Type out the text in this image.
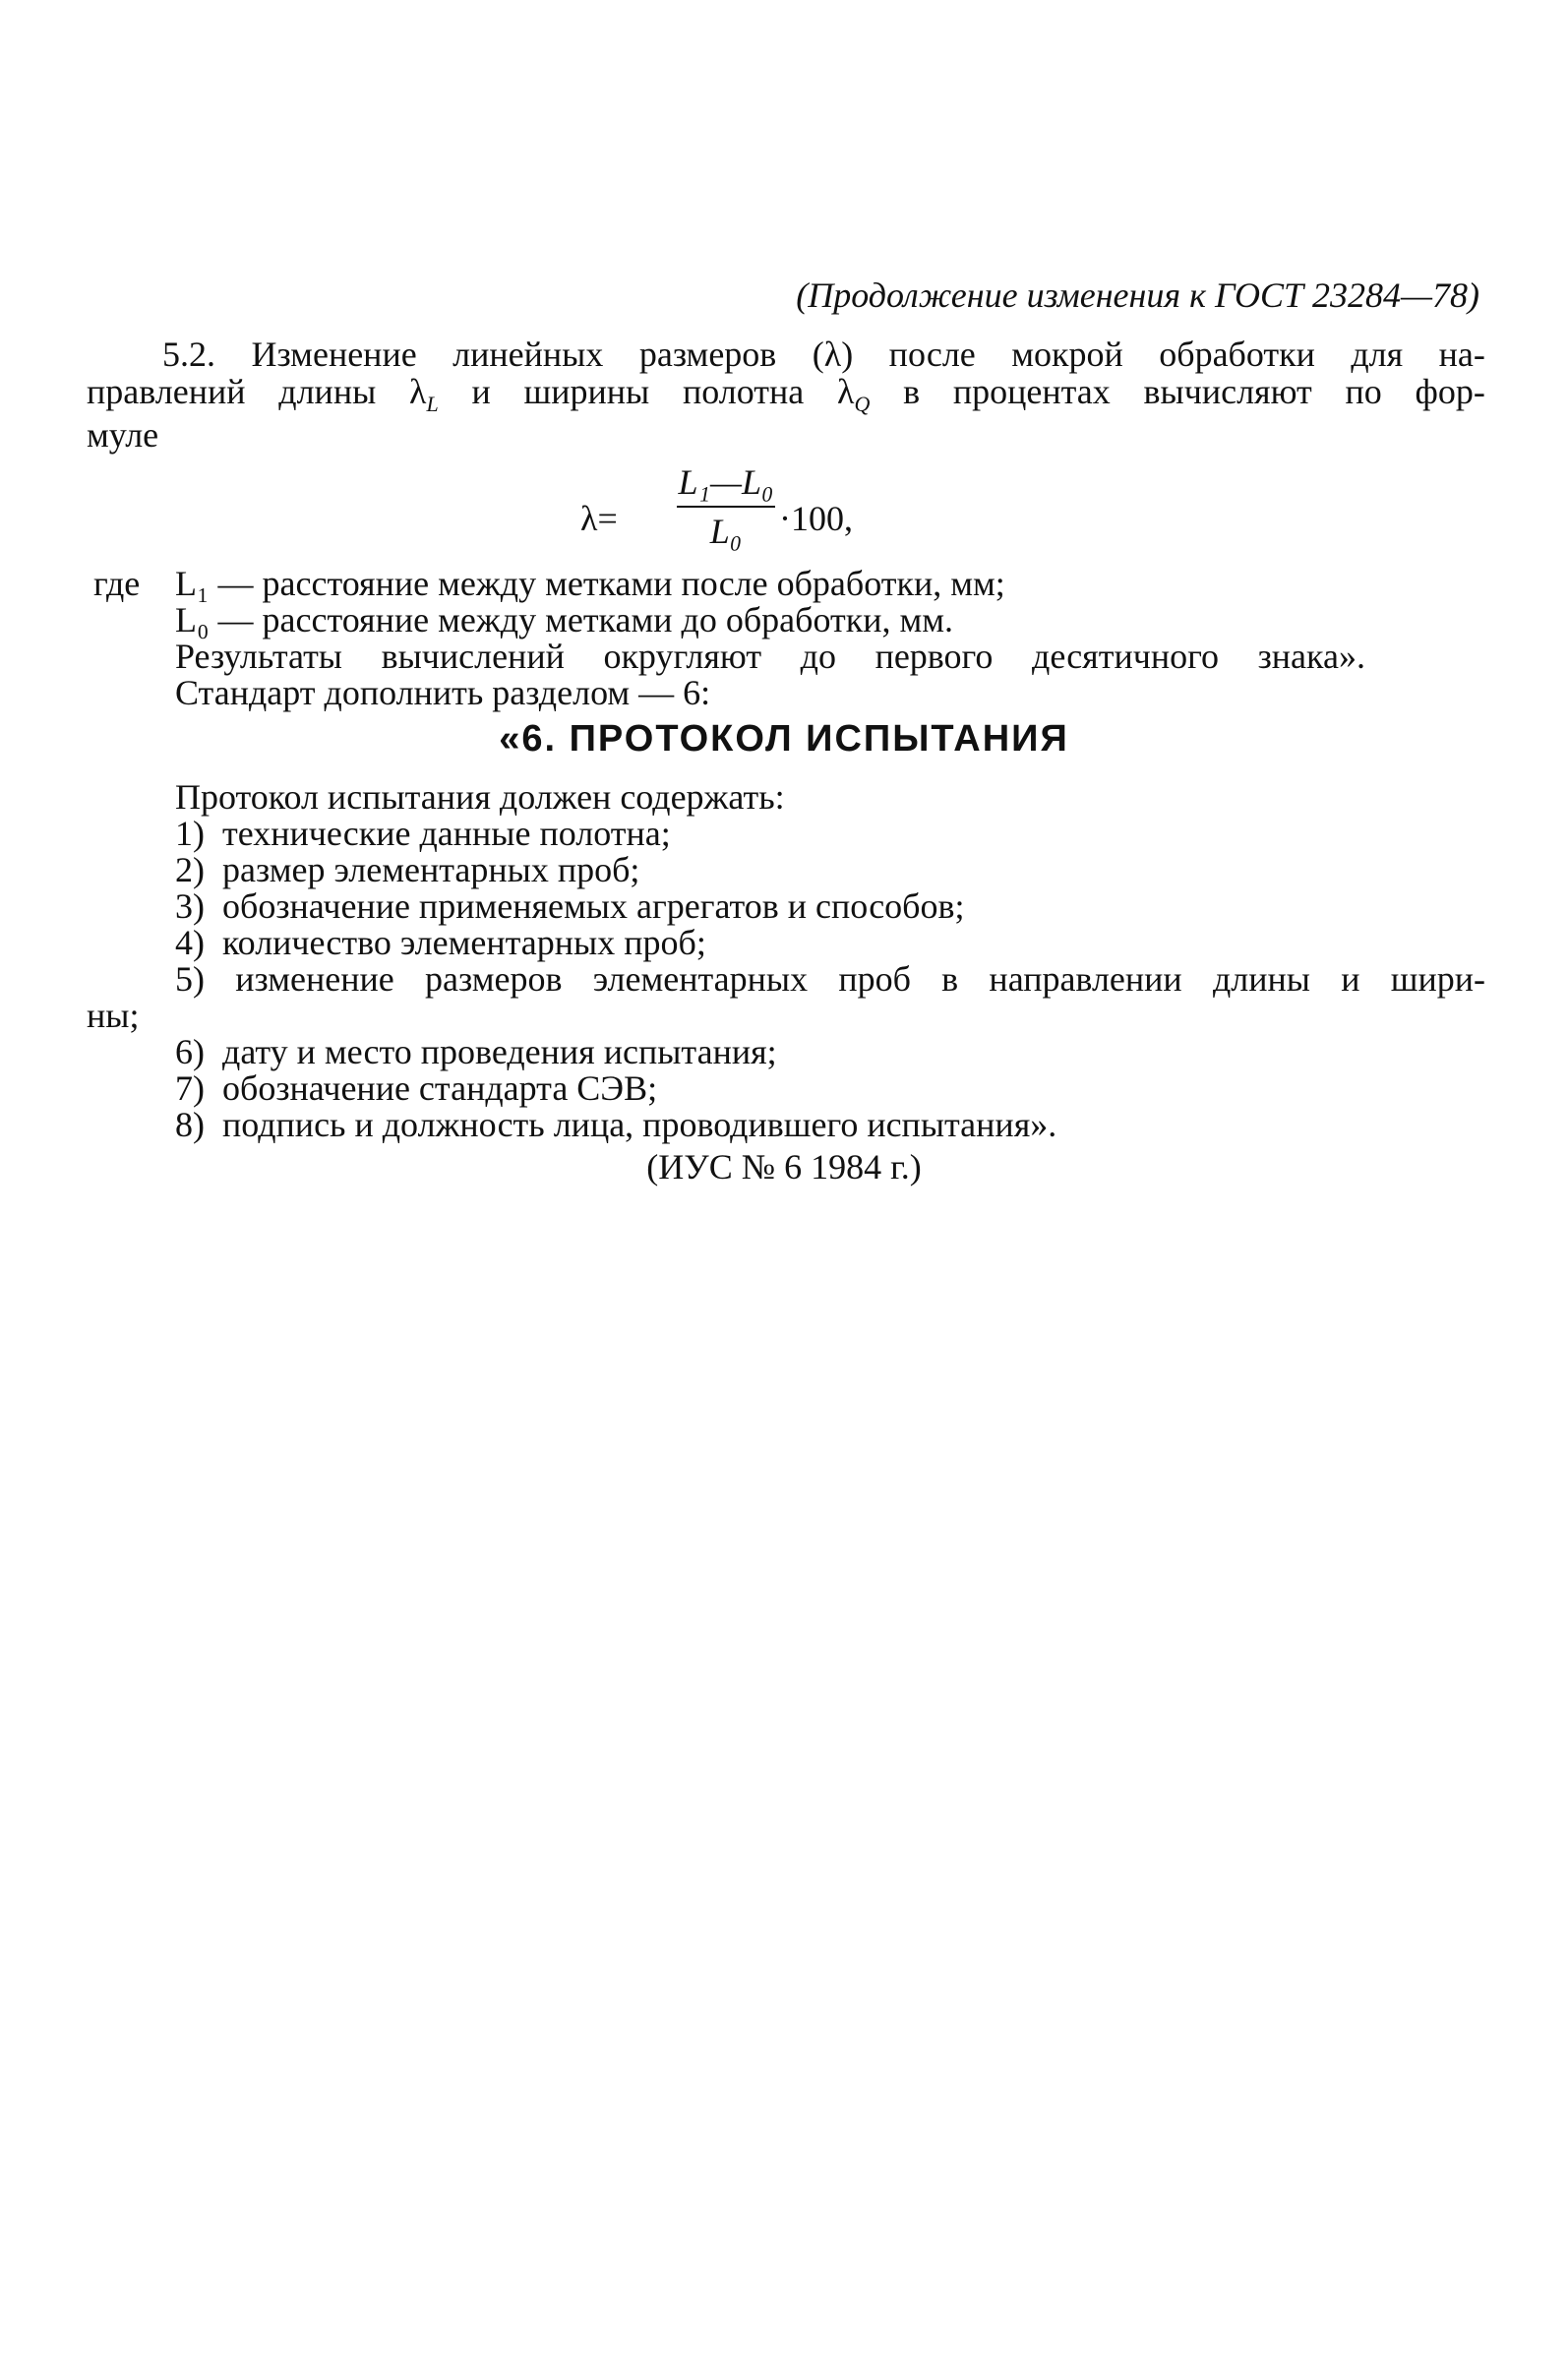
(Продолжение изменения к ГОСТ 23284—78)
5.2. Изменение линейных размеров (λ) после мокрой обработки для на-
правлений длины $\lambda_L$ и ширины полотна $\lambda_Q$ в процентах вычисляют по фор-
муле
λ=
L₁—L₀
L₀	·100,
где L₁ — расстояние между метками после обработки, мм;
L₀ — расстояние между метками до обработки, мм.
Результаты вычислений округляют до первого десятичного знака».
Стандарт дополнить разделом — 6:
«6. ПРОТОКОЛ ИСПЫТАНИЯ
Протокол испытания должен содержать:
1) технические данные полотна;
2) размер элементарных проб;
3) обозначение применяемых агрегатов и способов;
4) количество элементарных проб;
5) изменение размеров элементарных проб в направлении длины и шири-
ны;
6) дату и место проведения испытания;
7) обозначение стандарта СЭВ;
8) подпись и должность лица, проводившего испытания».
(ИУС № 6 1984 г.)
